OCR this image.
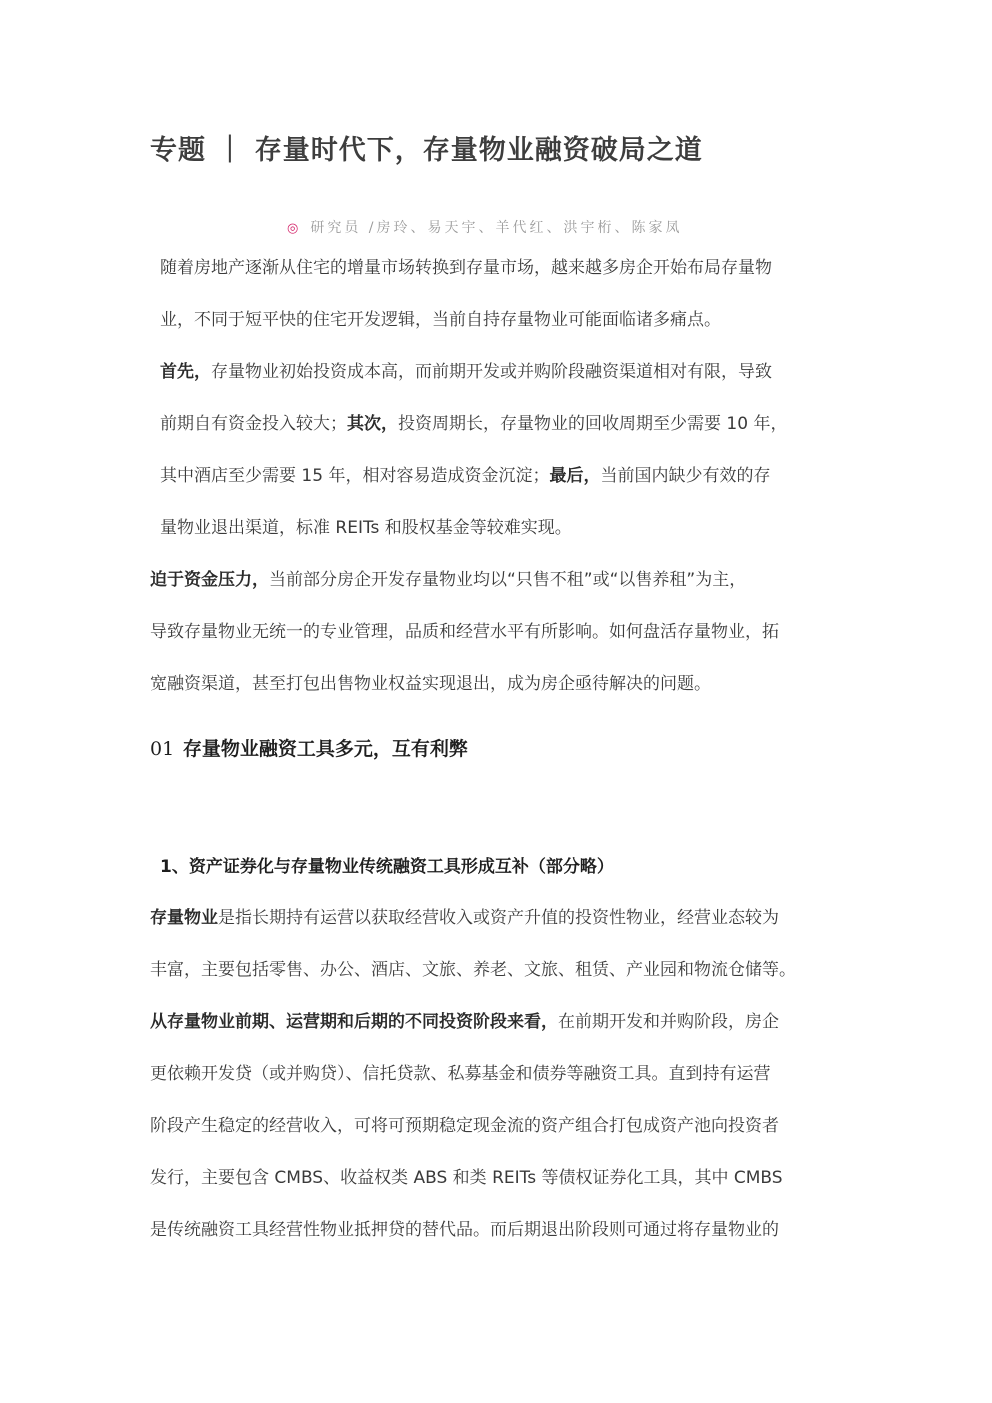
专题 ｜ 存量时代下，存量物业融资破局之道
◎ 研究员 /房玲、易天宇、羊代红、洪宇桁、陈家凤
随着房地产逐渐从住宅的增量市场转换到存量市场，越来越多房企开始布局存量物
业，不同于短平快的住宅开发逻辑，当前自持存量物业可能面临诸多痛点。
首先，存量物业初始投资成本高，而前期开发或并购阶段融资渠道相对有限，导致
前期自有资金投入较大；其次，投资周期长，存量物业的回收周期至少需要 10 年，
其中酒店至少需要 15 年，相对容易造成资金沉淀；最后，当前国内缺少有效的存
量物业退出渠道，标准 REITs 和股权基金等较难实现。
迫于资金压力，当前部分房企开发存量物业均以“只售不租”或“以售养租”为主，
导致存量物业无统一的专业管理，品质和经营水平有所影响。如何盘活存量物业，拓
宽融资渠道，甚至打包出售物业权益实现退出，成为房企亟待解决的问题。
01 存量物业融资工具多元，互有利弊
1、资产证券化与存量物业传统融资工具形成互补（部分略）
存量物业是指长期持有运营以获取经营收入或资产升值的投资性物业，经营业态较为
丰富，主要包括零售、办公、酒店、文旅、养老、文旅、租赁、产业园和物流仓储等。
从存量物业前期、运营期和后期的不同投资阶段来看，在前期开发和并购阶段，房企
更依赖开发贷（或并购贷）、信托贷款、私募基金和债券等融资工具。直到持有运营
阶段产生稳定的经营收入，可将可预期稳定现金流的资产组合打包成资产池向投资者
发行，主要包含 CMBS、收益权类 ABS 和类 REITs 等债权证券化工具，其中 CMBS
是传统融资工具经营性物业抵押贷的替代品。而后期退出阶段则可通过将存量物业的
